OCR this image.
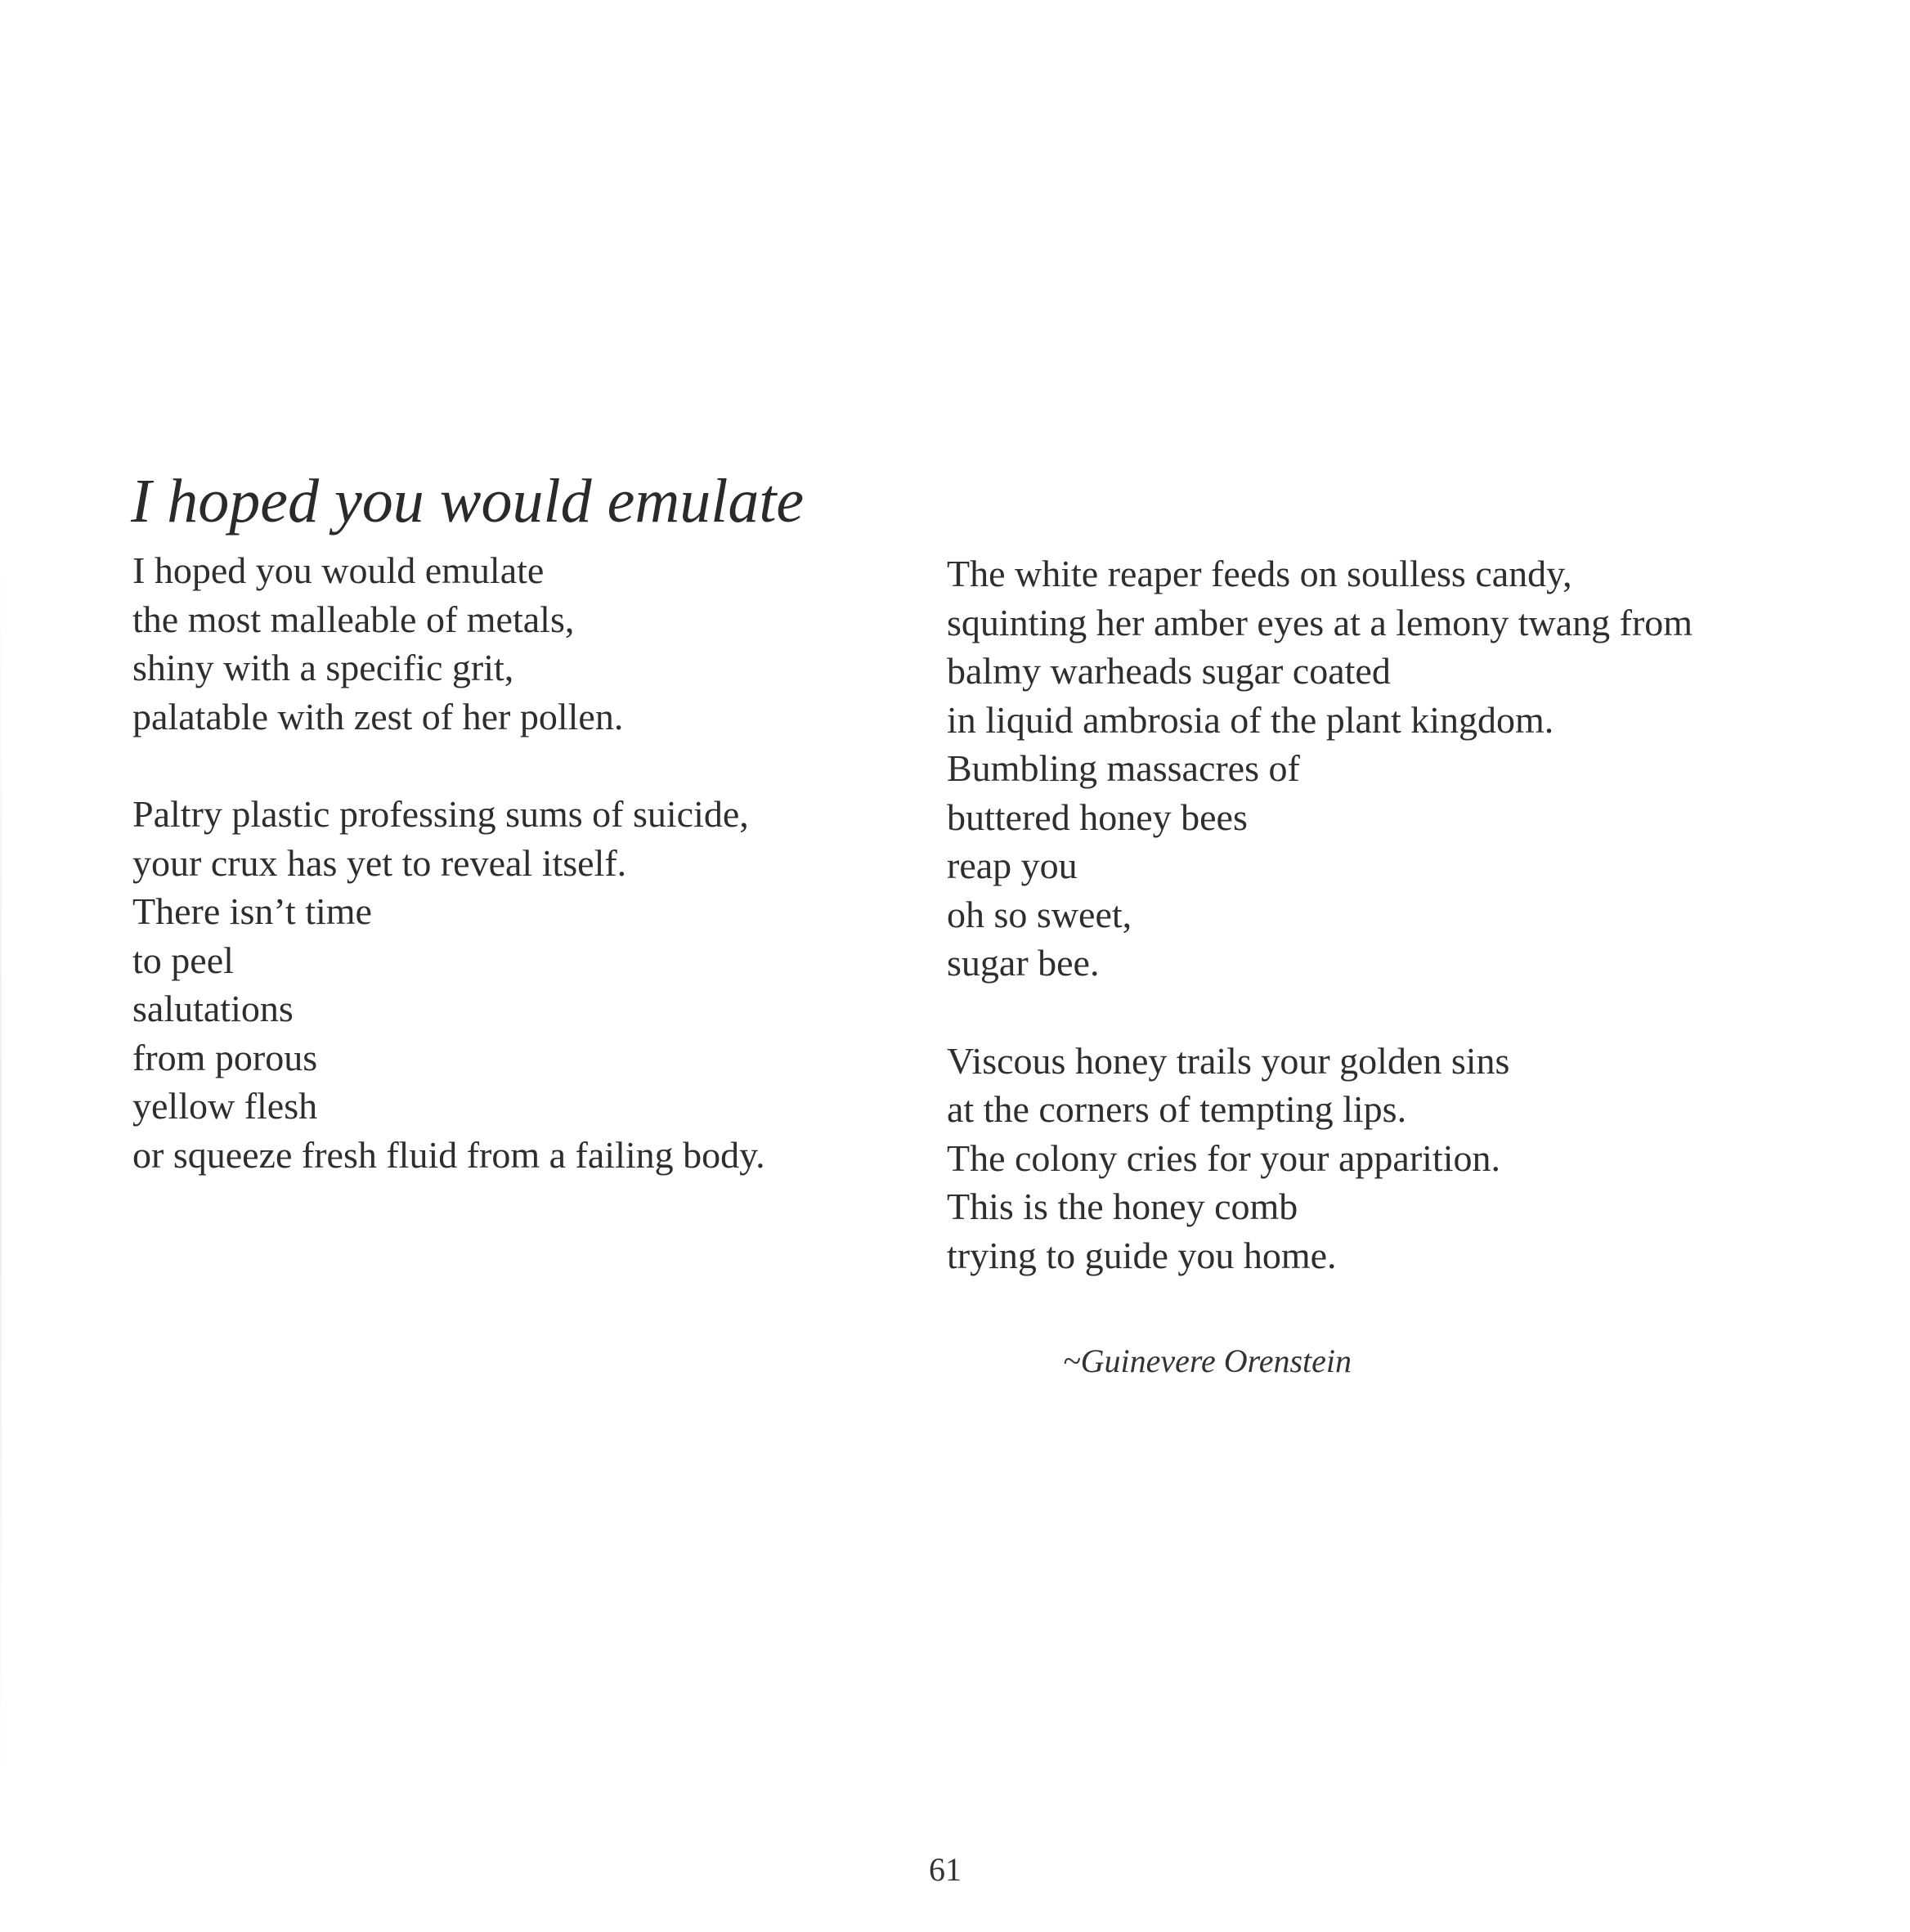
I hoped you would emulate
I hoped you would emulate
the most malleable of metals,
shiny with a specific grit,
palatable with zest of her pollen.
Paltry plastic professing sums of suicide,
your crux has yet to reveal itself.
There isn’t time
to peel
salutations
from porous
yellow flesh
or squeeze fresh fluid from a failing body.
The white reaper feeds on soulless candy,
squinting her amber eyes at a lemony twang from
balmy warheads sugar coated
in liquid ambrosia of the plant kingdom.
Bumbling massacres of
buttered honey bees
reap you
oh so sweet,
sugar bee.
Viscous honey trails your golden sins
at the corners of tempting lips.
The colony cries for your apparition.
This is the honey comb
trying to guide you home.
~Guinevere Orenstein
61
